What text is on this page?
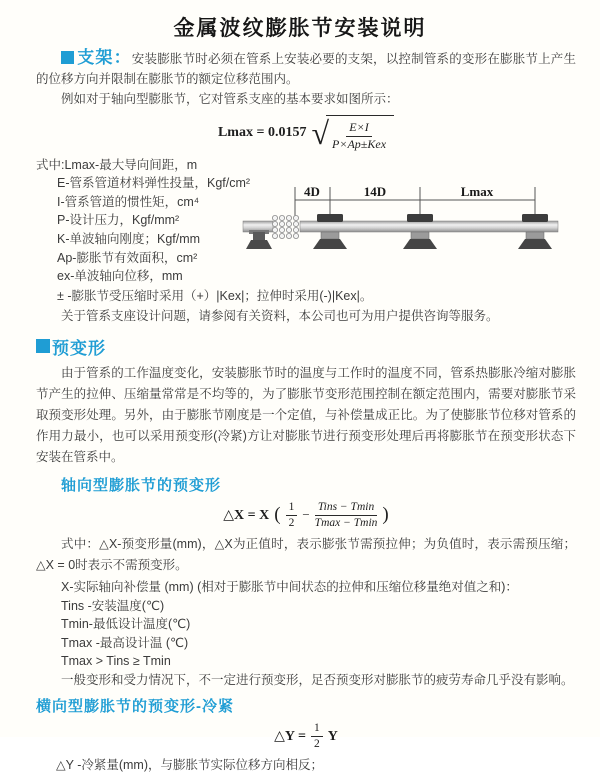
金属波纹膨胀节安装说明

支架：安装膨胀节时必须在管系上安装必要的支架，以控制管系的变形在膨胀节上产生的位移方向并限制在膨胀节的额定位移范围内。

例如对于轴向型膨胀节，它对管系支座的基本要求如图所示：

Lmax = 0.0157 √ $\frac{E\times I}{\text{P×Ap±Kex}}$
式中:Lmax-最大导向间距，m
E-管系管道材料弹性投量，Kgf/cm²
I-管系管道的惯性矩，cm⁴
P-设计压力，Kgf/mm²
K-单波轴向刚度；Kgf/mm
Ap-膨胀节有效面积，cm²
ex-单波轴向位移，mm
4D	14D	Lmax

± -膨胀节受压缩时采用（+）|Kex|；拉伸时采用(-)|Kex|。

关于管系支座设计问题，请参阅有关资料，本公司也可为用户提供咨询等服务。

预变形

由于管系的工作温度变化，安装膨胀节时的温度与工作时的温度不同，管系热膨胀冷缩对膨胀节产生的拉伸、压缩量常常是不均等的，为了膨胀节变形范围控制在额定范围内，需要对膨胀节采取预变形处理。另外，由于膨胀节刚度是一个定值，与补偿量成正比。为了使膨胀节位移对管系的作用力最小，也可以采用预变形(冷紧)方让对膨胀节进行预变形处理后再将膨胀节在预变形状态下安装在管系中。

轴向型膨胀节的预变形
△X = X ( $\frac{1}{2} - \frac{\text{Tins − Tmin}}{Tmax - Tmin}$ )

式中：△X-预变形量(mm)，△X为正值时，表示膨张节需预拉伸；为负值时，表示需预压缩；△X = 0时表示不需预变形。

X-实际轴向补偿量 (mm) (相对于膨胀节中间状态的拉伸和压缩位移量绝对值之和)：
Tins -安装温度(℃)
Tmin-最低设计温度(℃)
Tmax -最高设计温 (℃)
Tmax > Tins ≥ Tmin

一般变形和受力情况下，不一定进行预变形，足否预变形对膨胀节的疲劳寿命几乎没有影响。

横向型膨胀节的预变形-冷紧
△Y = $\frac{1}{2}$ Y

△Y -冷紧量(mm)，与膨胀节实际位移方向相反；
